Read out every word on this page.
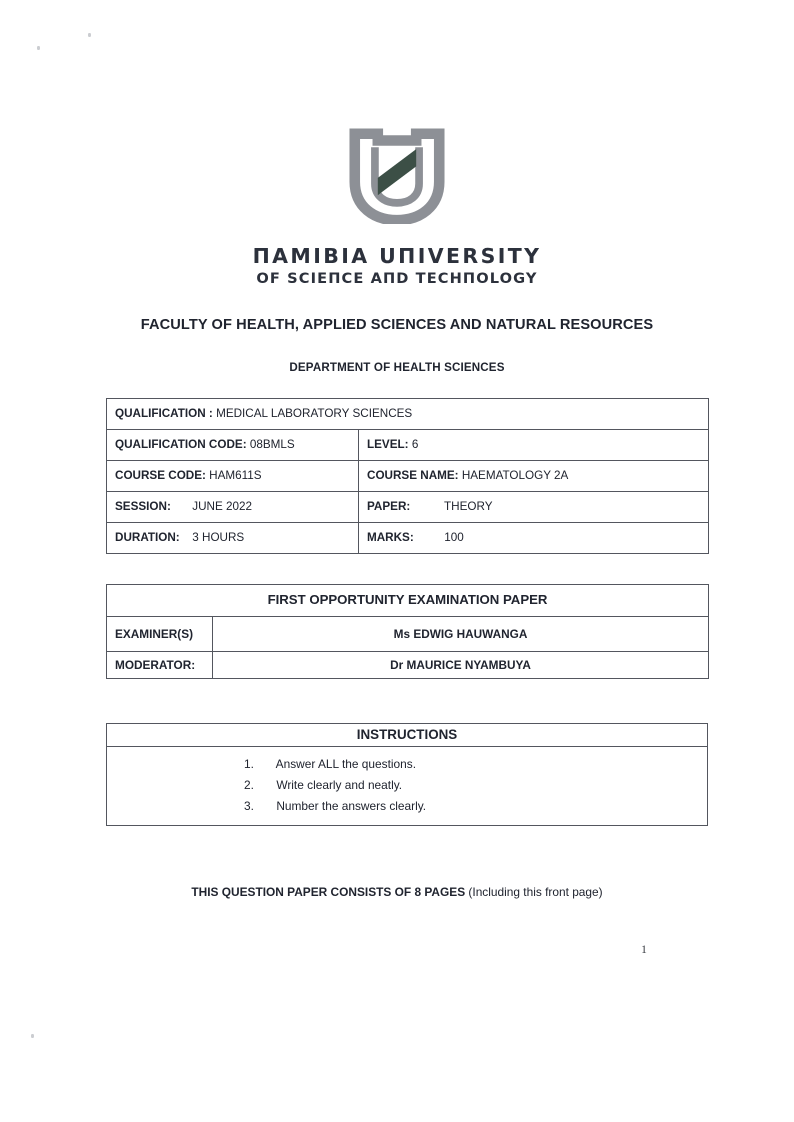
ПAMIBIA UПIVERSITY
OF SCIEПCE AПD TECHПOLOGY
FACULTY OF HEALTH, APPLIED SCIENCES AND NATURAL RESOURCES
DEPARTMENT OF HEALTH SCIENCES
QUALIFICATION : MEDICAL LABORATORY SCIENCES	
QUALIFICATION CODE: 08BMLS	LEVEL: 6
COURSE CODE: HAM611S	COURSE NAME: HAEMATOLOGY 2A
SESSION: JUNE 2022	PAPER: THEORY
DURATION: 3 HOURS	MARKS: 100
FIRST OPPORTUNITY EXAMINATION PAPER	
EXAMINER(S)	Ms EDWIG HAUWANGA
MODERATOR:	Dr MAURICE NYAMBUYA
INSTRUCTIONS

1. Answer ALL the questions.
2. Write clearly and neatly.
3. Number the answers clearly.
THIS QUESTION PAPER CONSISTS OF 8 PAGES (Including this front page)
1
